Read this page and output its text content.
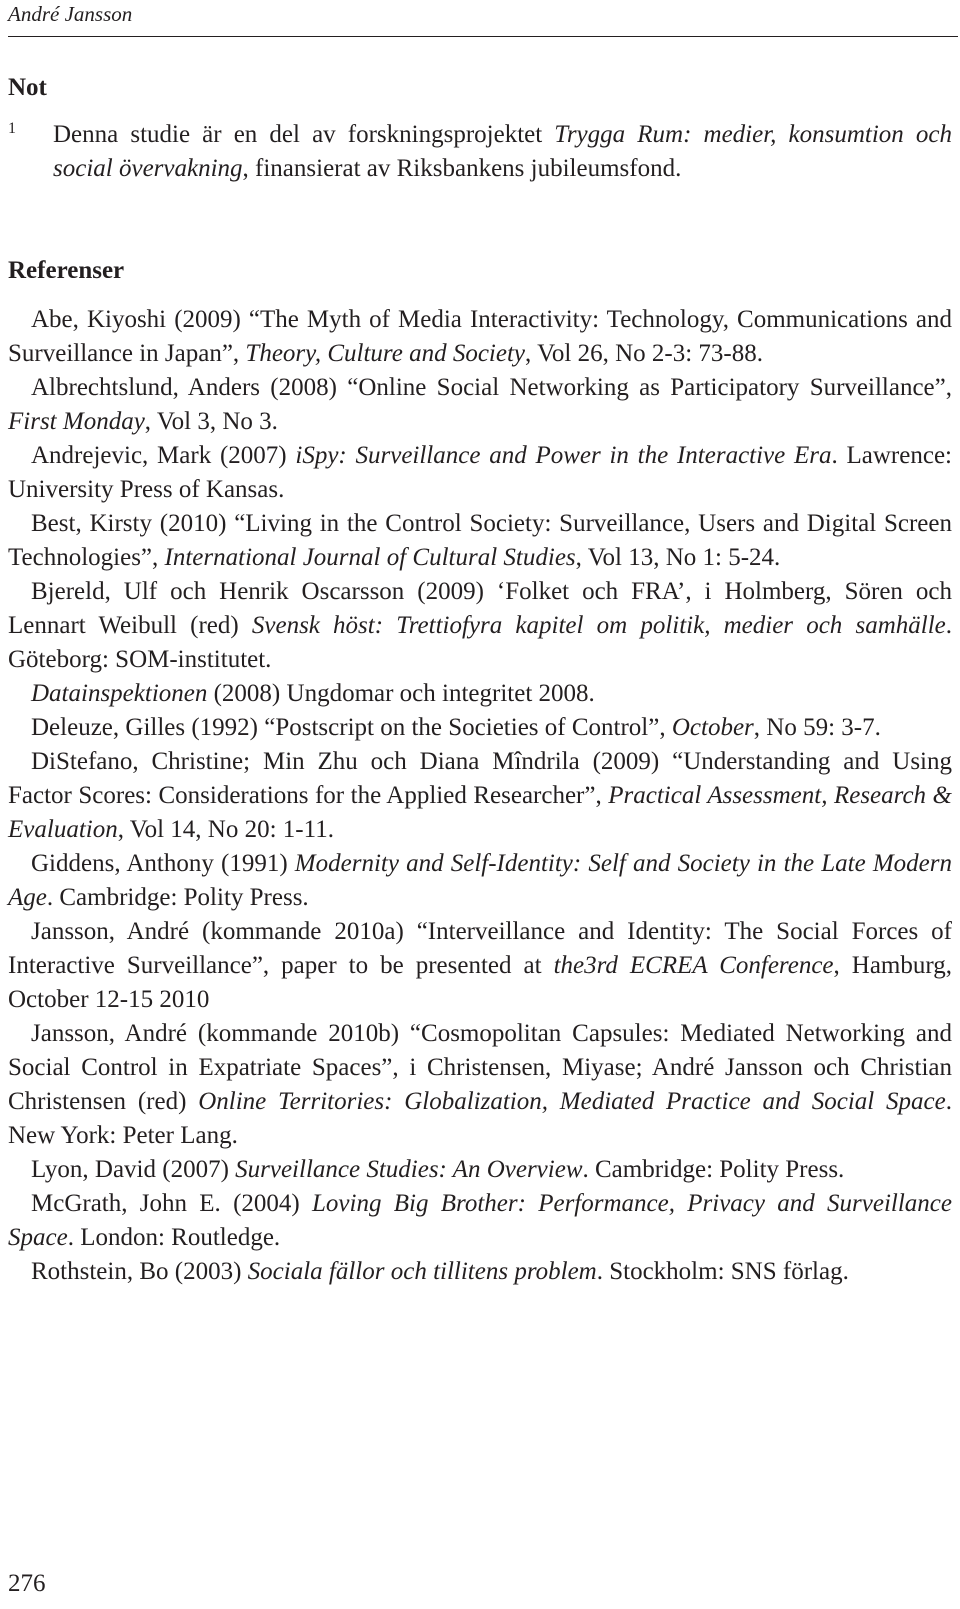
André Jansson
Not
1	Denna studie är en del av forskningsprojektet Trygga Rum: medier, konsumtion och social övervakning, finansierat av Riksbankens jubileumsfond.

Referenser

Abe, Kiyoshi (2009) “The Myth of Media Interactivity: Technology, Communications and Surveillance in Japan”, Theory, Culture and Society, Vol 26, No 2-3: 73-88.

Albrechtslund, Anders (2008) “Online Social Networking as Participatory Surveillance”, First Monday, Vol 3, No 3.

Andrejevic, Mark (2007) iSpy: Surveillance and Power in the Interactive Era. Lawrence: University Press of Kansas.

Best, Kirsty (2010) “Living in the Control Society: Surveillance, Users and Digital Screen Technologies”, International Journal of Cultural Studies, Vol 13, No 1: 5-24.

Bjereld, Ulf och Henrik Oscarsson (2009) ‘Folket och FRA’, i Holmberg, Sören och Lennart Weibull (red) Svensk höst: Trettiofyra kapitel om politik, medier och samhälle. Göteborg: SOM-institutet.

Datainspektionen (2008) Ungdomar och integritet 2008.

Deleuze, Gilles (1992) “Postscript on the Societies of Control”, October, No 59: 3-7.

DiStefano, Christine; Min Zhu och Diana Mîndrila (2009) “Understanding and Using Factor Scores: Considerations for the Applied Researcher”, Practical Assessment, Research & Evaluation, Vol 14, No 20: 1-11.

Giddens, Anthony (1991) Modernity and Self-Identity: Self and Society in the Late Modern Age. Cambridge: Polity Press.

Jansson, André (kommande 2010a) “Interveillance and Identity: The Social Forces of Interactive Surveillance”, paper to be presented at the3rd ECREA Conference, Hamburg, October 12-15 2010

Jansson, André (kommande 2010b) “Cosmopolitan Capsules: Mediated Networking and Social Control in Expatriate Spaces”, i Christensen, Miyase; André Jansson och Christian Christensen (red) Online Territories: Globalization, Mediated Practice and Social Space. New York: Peter Lang.

Lyon, David (2007) Surveillance Studies: An Overview. Cambridge: Polity Press.

McGrath, John E. (2004) Loving Big Brother: Performance, Privacy and Surveillance Space. London: Routledge.

Rothstein, Bo (2003) Sociala fällor och tillitens problem. Stockholm: SNS förlag.

276
